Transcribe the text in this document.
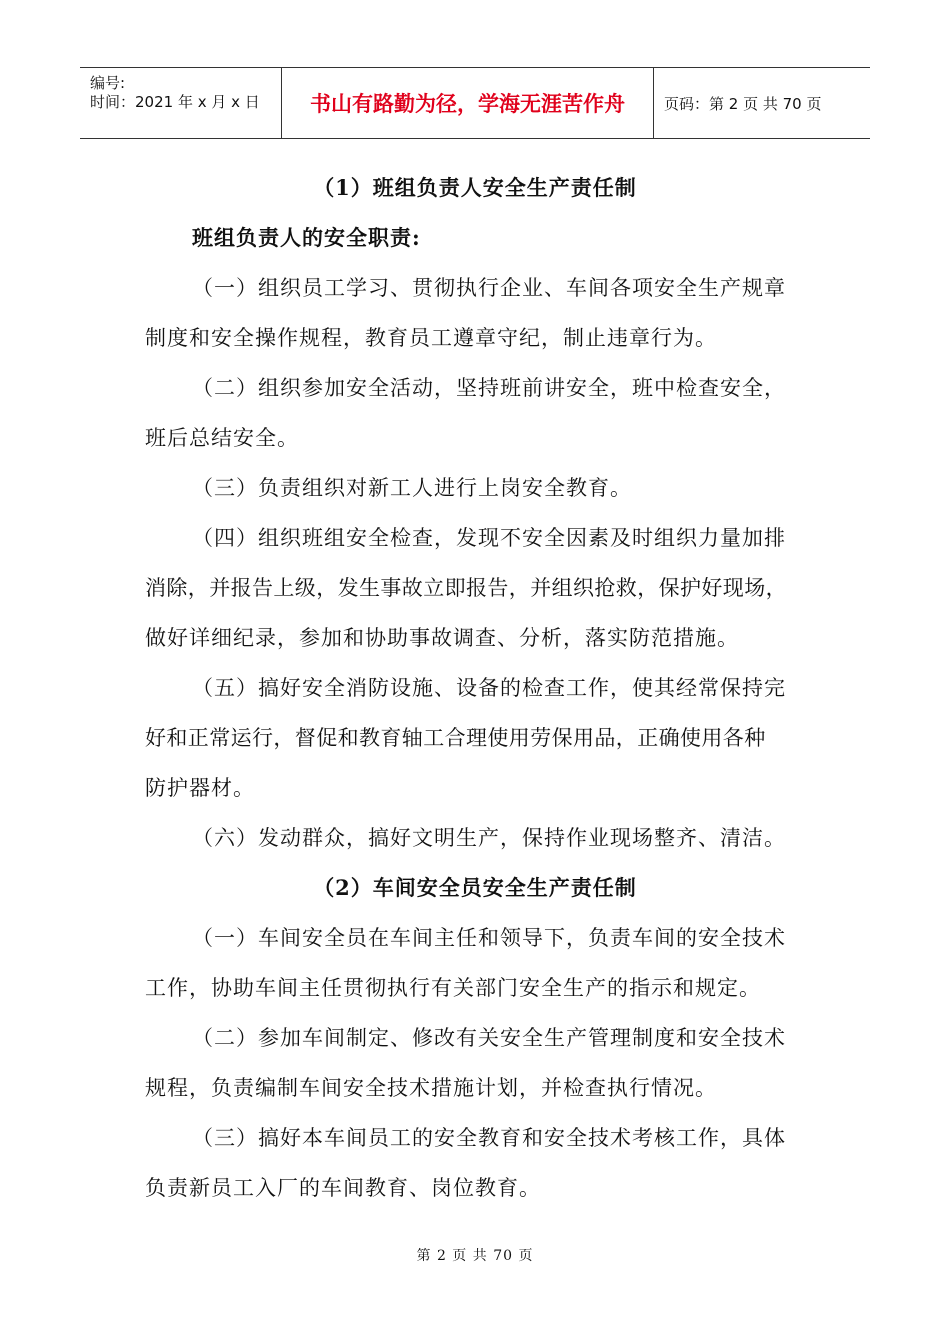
编号:
时间：2021 年 x 月 x 日 书山有路勤为径，学海无涯苦作舟	页码：第 2 页 共 70 页
（1）班组负责人安全生产责任制
班组负责人的安全职责:
（一）组织员工学习、贯彻执行企业、车间各项安全生产规章
制度和安全操作规程，教育员工遵章守纪，制止违章行为。
（二）组织参加安全活动，坚持班前讲安全，班中检查安全，
班后总结安全。
（三）负责组织对新工人进行上岗安全教育。
（四）组织班组安全检查，发现不安全因素及时组织力量加排
消除，并报告上级，发生事故立即报告，并组织抢救，保护好现场，
做好详细纪录，参加和协助事故调查、分析，落实防范措施。
（五）搞好安全消防设施、设备的检查工作，使其经常保持完
好和正常运行，督促和教育轴工合理使用劳保用品，正确使用各种
防护器材。
（六）发动群众，搞好文明生产，保持作业现场整齐、清洁。
（2）车间安全员安全生产责任制
（一）车间安全员在车间主任和领导下，负责车间的安全技术
工作，协助车间主任贯彻执行有关部门安全生产的指示和规定。
（二）参加车间制定、修改有关安全生产管理制度和安全技术
规程，负责编制车间安全技术措施计划，并检查执行情况。
（三）搞好本车间员工的安全教育和安全技术考核工作，具体
负责新员工入厂的车间教育、岗位教育。
第 2 页 共 70 页
